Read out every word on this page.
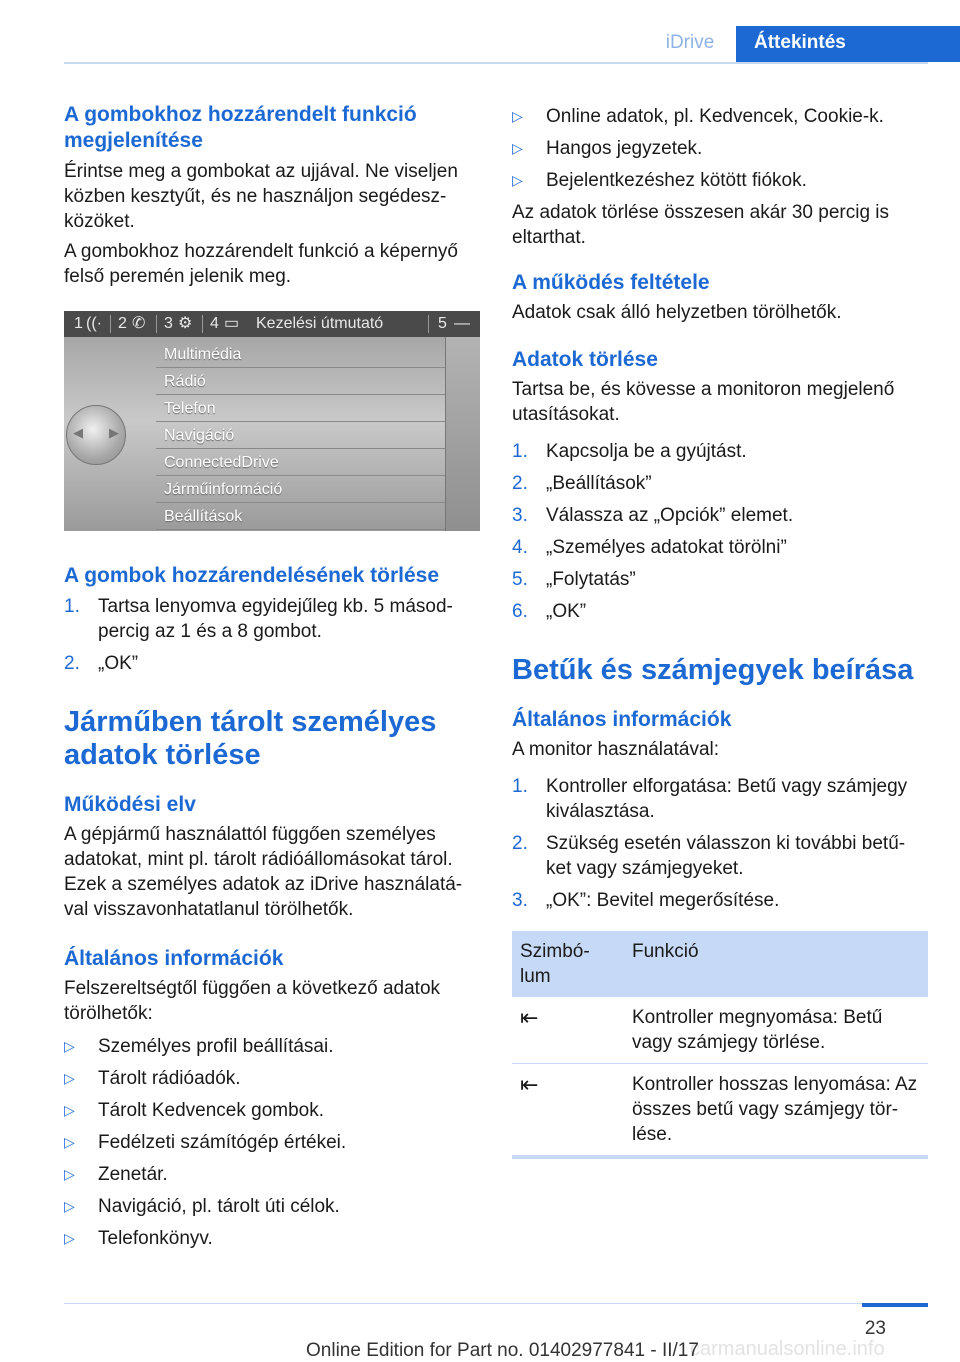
iDrive	Áttekintés
A gombokhoz hozzárendelt funkció megjelenítése

Érintse meg a gombokat az ujjával. Ne viseljen közben kesztyűt, és ne használjon segédesz‐közöket.

A gombokhoz hozzárendelt funkció a képernyő felső peremén jelenik meg.

1 ((· 2 ✆ 3 ⚙ 4 ▭ Kezelési útmutató	5 —
◀ ▶
Multimédia
Rádió
Telefon
Navigáció
ConnectedDrive
Járműinformáció
Beállítások
A gombok hozzárendelésének törlése
1. Tartsa lenyomva egyidejűleg kb. 5 másod‐percig az 1 és a 8 gombot.
2. „OK”
Járműben tárolt személyes adatok törlése
Működési elv

A gépjármű használattól függően személyes adatokat, mint pl. tárolt rádióállomásokat tárol. Ezek a személyes adatok az iDrive használatá‐val visszavonhatatlanul törölhetők.

Általános információk

Felszereltségtől függően a következő adatok törölhetők:

▷ Személyes profil beállításai.
▷ Tárolt rádióadók.
▷ Tárolt Kedvencek gombok.
▷ Fedélzeti számítógép értékei.
▷ Zenetár.
▷ Navigáció, pl. tárolt úti célok.
▷ Telefonkönyv.
▷ Online adatok, pl. Kedvencek, Cookie-k.
▷ Hangos jegyzetek.
▷ Bejelentkezéshez kötött fiókok.

Az adatok törlése összesen akár 30 percig is eltarthat.

A működés feltétele

Adatok csak álló helyzetben törölhetők.

Adatok törlése

Tartsa be, és kövesse a monitoron megjelenő utasításokat.

1. Kapcsolja be a gyújtást.
2. „Beállítások”
3. Válassza az „Opciók” elemet.
4. „Személyes adatokat törölni”
5. „Folytatás”
6. „OK”
Betűk és számjegyek beírása
Általános információk

A monitor használatával:

1. Kontroller elforgatása: Betű vagy számjegy kiválasztása.
2. Szükség esetén válasszon ki további betű‐ket vagy számjegyeket.
3. „OK”: Bevitel megerősítése.
Szimbó‐lum	Funkció
⇤	Kontroller megnyomása: Betű vagy számjegy törlése.
⇤	Kontroller hosszas lenyomása: Az összes betű vagy számjegy tör‐lése.
23
carmanualsonline.info
Online Edition for Part no. 01402977841 - II/17
